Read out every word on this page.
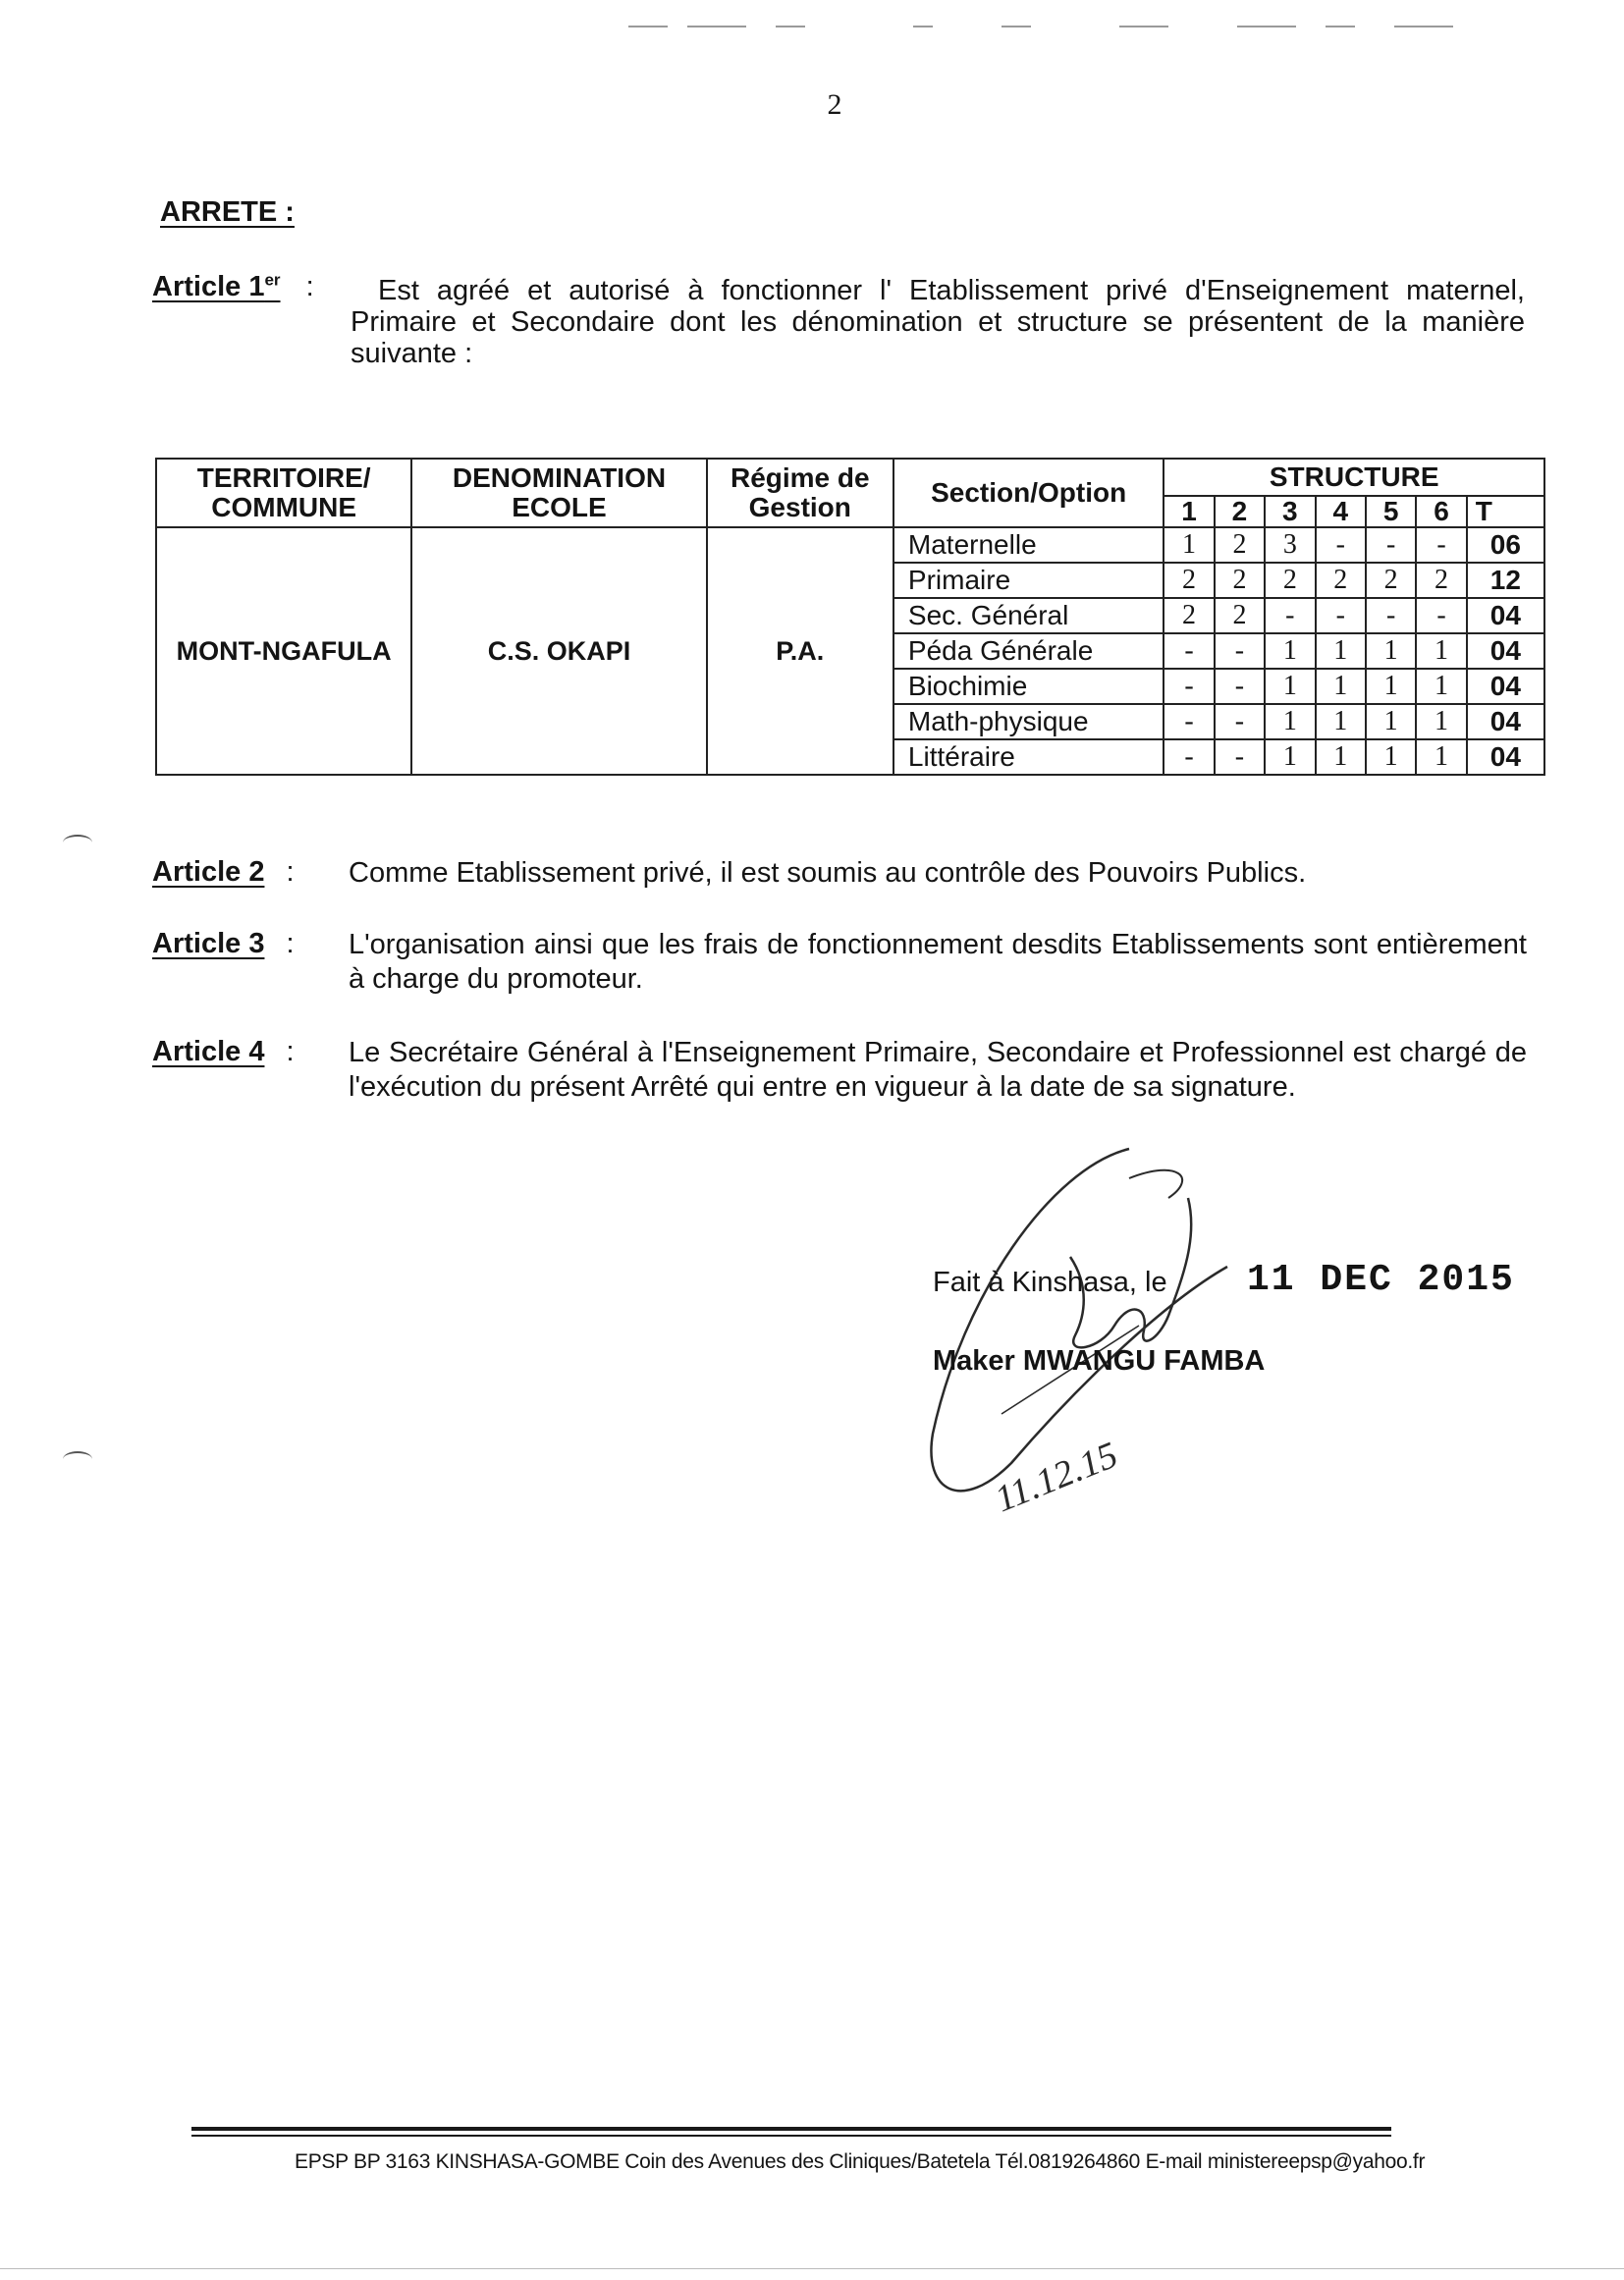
2
ARRETE :
Article 1er :	Est agréé et autorisé à fonctionner l' Etablissement privé d'Enseignement maternel, Primaire et Secondaire dont les dénomination et structure se présentent de la manière suivante :
TERRITOIRE/ COMMUNE	DENOMINATION ECOLE	Régime de Gestion	Section/Option	STRUCTURE						
				1	2	3	4	5	6	T
MONT-NGAFULA	C.S. OKAPI	P.A.	Maternelle	1	2	3	-	-	-	06
			Primaire	2	2	2	2	2	2	12
			Sec. Général	2	2	-	-	-	-	04
			Péda Générale	-	-	1	1	1	1	04
			Biochimie	-	-	1	1	1	1	04
			Math-physique	-	-	1	1	1	1	04
			Littéraire	-	-	1	1	1	1	04
Article 2 : Comme Etablissement privé, il est soumis au contrôle des Pouvoirs Publics.
Article 3 : L'organisation ainsi que les frais de fonctionnement desdits Etablissements sont entièrement à charge du promoteur.
Article 4 : Le Secrétaire Général à l'Enseignement Primaire, Secondaire et Professionnel est chargé de l'exécution du présent Arrêté qui entre en vigueur à la date de sa signature.
11.12.15
Fait à Kinshasa, le 11 DEC 2015
Maker MWANGU FAMBA
EPSP BP 3163 KINSHASA-GOMBE Coin des Avenues des Cliniques/Batetela Tél.0819264860 E-mail ministereepsp@yahoo.fr
